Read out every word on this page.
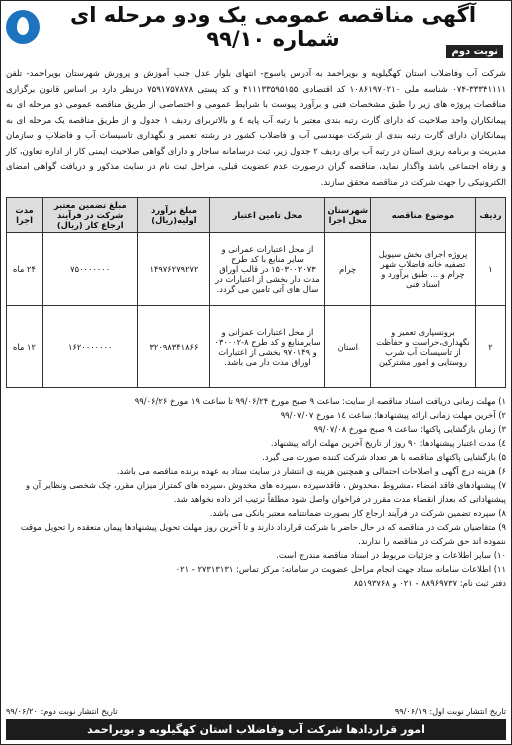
آگهی مناقصه عمومی یک ودو مرحله ای شماره ۹۹/۱۰
نوبت دوم
شرکت آب وفاضلاب استان کهگیلویه و بویراحمد به آدرس یاسوج- انتهای بلوار عدل جنب آموزش و پرورش شهرستان بویراحمد- تلفن ۳۳۳۴۱۱۱۱-۰۷۴ شناسه ملی ۱۰۸۶۱۹۷۰۲۱۰ کد اقتصادی ۴۱۱۱۳۳۵۹۵۱۵۵ و کد پستی ۷۵۹۱۷۵۷۸۷۸ درنظر دارد بر اساس قانون برگزاری مناقصات پروژه های زیر را طبق مشخصات فنی و برآورد پیوست با شرایط عمومی و اختصاصی از طریق مناقصه عمومی دو مرحله ای به پیمانکاران واجد صلاحیت که دارای گارت رتبه بندی معتبر با رتبه آب پایه ٤ و بالاتربرای ردیف ۱ جدول و از طریق مناقصه یک مرحله ای به پیمانکاران دارای گارت رتبه بندی از شرکت مهندسی آب و فاضلاب کشور در رشته تعمیر و نگهداری تاسیسات آب و فاضلاب و سازمان مدیریت و برنامه ریزی استان در رتبه آب برای ردیف ۲ جدول زیر، ثبت درسامانه ساجار و دارای گواهی صلاحیت ایمنی کار از اداره تعاون، کار و رفاه اجتماعی باشد واگذار نماید، مناقصه گران درصورت عدم عضویت قبلی، مراحل ثبت نام در سایت مذکور و دریافت گواهی امضای الکترونیکی را جهت شرکت در مناقصه محقق سازند.
ردیف	موضوع مناقصه	شهرستان محل اجرا	محل تامین اعتبار	مبلغ برآورد اولیه(ریال)	مبلغ تضمین معتبر شرکت در فرآیند ارجاع کار (ریال)	مدت اجرا
۱	پروژه اجرای بخش سیویل تصفیه خانه فاضلاب شهر چرام و ... طبق برآورد و اسناد فنی	چرام	از محل اعتبارات عمرانی و سایر منابع با کد طرح ۱۵۰۳۰۰۲۰۷۳ در قالب اوراق مدت دار بخشی از اعتبارات در سال های آتی تامین می گردد.	۱۴۹۷۶۲۷۹۲۷۲	۷۵۰۰۰۰۰۰۰	۲۴ ماه
۲	برونسپاری تعمیر و نگهداری،حراست و حفاظت از تاسیسات آب شرب روستایی و امور مشترکین	استان	از محل اعتبارات عمرانی و سایرمنابع و کد طرح ۸-۰۳۰۰۰۲ و ۹۷۰۱۴۹ بخشی از اعتبارات اوراق مدت دار می باشد.	۳۲۰۹۸۳۴۱۸۶۶	۱۶۲۰۰۰۰۰۰۰	۱۲ ماه
۱) مهلت زمانی دریافت اسناد مناقصه از سایت: ساعت ۹ صبح مورخ ۹۹/۰۶/۲۴ تا ساعت ۱۹ مورخ ۹۹/۰۶/۲۶
۲) آخرین مهلت زمانی ارائه پیشنهادها: ساعت ۱٤ مورخ ۹۹/۰۷/۰۷
۳) زمان بازگشایی پاکتها: ساعت ۹ صبح مورخ ۹۹/۰۷/۰۸
٤) مدت اعتبار پیشنهادها: ۹۰ روز از تاریخ آخرین مهلت ارائه پیشنهاد.
۵) بازگشایی پاکتهای مناقصه با هر تعداد شرکت کننده صورت می گیرد.
۶) هزینه درج آگهی و اصلاحات احتمالی و همچنین هزینه ی انتشار در سایت ستاد به عهده برنده مناقصه می باشد.
۷) پیشنهادهای فاقد امضاء ،مشروط ،مخدوش ، فاقدسپرده ،سپرده های مخدوش ،سپرده های کمتراز میزان مقرر، چک شخصی ونظایر آن و پیشنهاداتی که بعداز انقضاء مدت مقرر در فراخوان واصل شود مطلقاً ترتیب اثر داده نخواهد شد.
۸) سپرده تضمین شرکت در فرآیند ارجاع کار بصورت ضمانتنامه معتبر بانکی می باشد.
۹) متقاضیان شرکت در مناقصه که در حال حاضر با شرکت قرارداد دارند و تا آخرین روز مهلت تحویل پیشنهادها پیمان منعقده را تحویل موقت ننموده اند حق شرکت در مناقصه را ندارند.
۱۰) سایر اطلاعات و جزئیات مربوط در اسناد مناقصه مندرج است.
۱۱) اطلاعات سامانه ستاد جهت انجام مراحل عضویت در سامانه: مرکز تماس: ۲۷۳۱۳۱۳۱ - ۰۲۱
دفتر ثبت نام: ۸۸۹۶۹۷۳۷ - ۰۲۱ و ۸۵۱۹۳۷۶۸
تاریخ انتشار نوبت اول: ۹۹/۰۶/۱۹
تاریخ انتشار نوبت دوم: ۹۹/۰۶/۲۰
امور قراردادها شرکت آب وفاضلاب استان کهگیلویه و بویراحمد
